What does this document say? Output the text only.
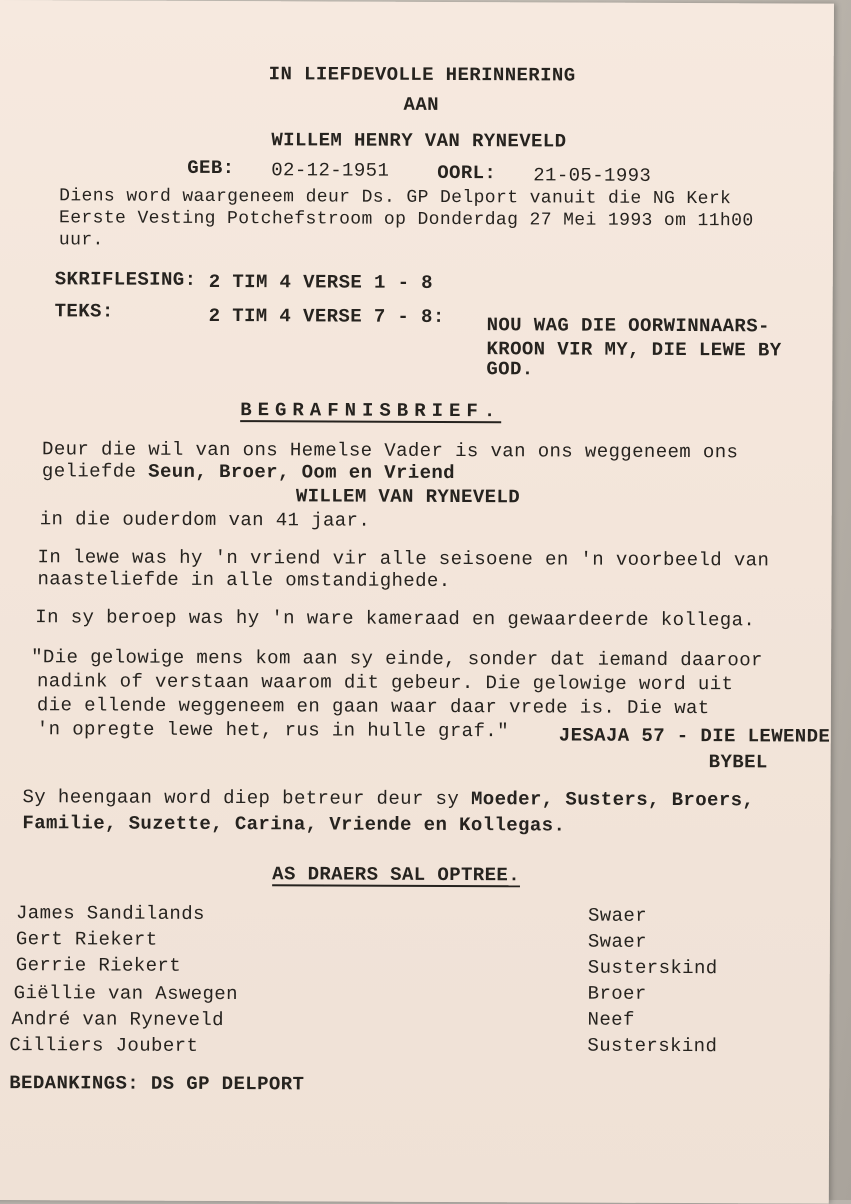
IN LIEFDEVOLLE HERINNERING
AAN
WILLEM HENRY VAN RYNEVELD
GEB: 02-12-1951	OORL: 21-05-1993
Diens word waargeneem deur Ds. GP Delport vanuit die NG Kerk
Eerste Vesting Potchefstroom op Donderdag 27 Mei 1993 om 11h00
uur.
SKRIFLESING: 2 TIM 4 VERSE 1 - 8
TEKS:	2 TIM 4 VERSE 7 - 8: NOU WAG DIE OORWINNAARS-
KROON VIR MY, DIE LEWE BY
GOD.
BEGRAFNISBRIEF.
Deur die wil van ons Hemelse Vader is van ons weggeneem ons
geliefde Seun, Broer, Oom en Vriend
WILLEM VAN RYNEVELD
in die ouderdom van 41 jaar.
In lewe was hy 'n vriend vir alle seisoene en 'n voorbeeld van
naasteliefde in alle omstandighede.
In sy beroep was hy 'n ware kameraad en gewaardeerde kollega.
"Die gelowige mens kom aan sy einde, sonder dat iemand daaroor
nadink of verstaan waarom dit gebeur. Die gelowige word uit
die ellende weggeneem en gaan waar daar vrede is. Die wat
'n opregte lewe het, rus in hulle graf."	JESAJA 57 - DIE LEWENDE
BYBEL
Sy heengaan word diep betreur deur sy Moeder, Susters, Broers,
Familie, Suzette, Carina, Vriende en Kollegas.
AS DRAERS SAL OPTREE.
James Sandilands	Swaer
Gert Riekert	Swaer
Gerrie Riekert	Susterskind
Giëllie van Aswegen	Broer
André van Ryneveld	Neef
Cilliers Joubert	Susterskind
BEDANKINGS: DS GP DELPORT
